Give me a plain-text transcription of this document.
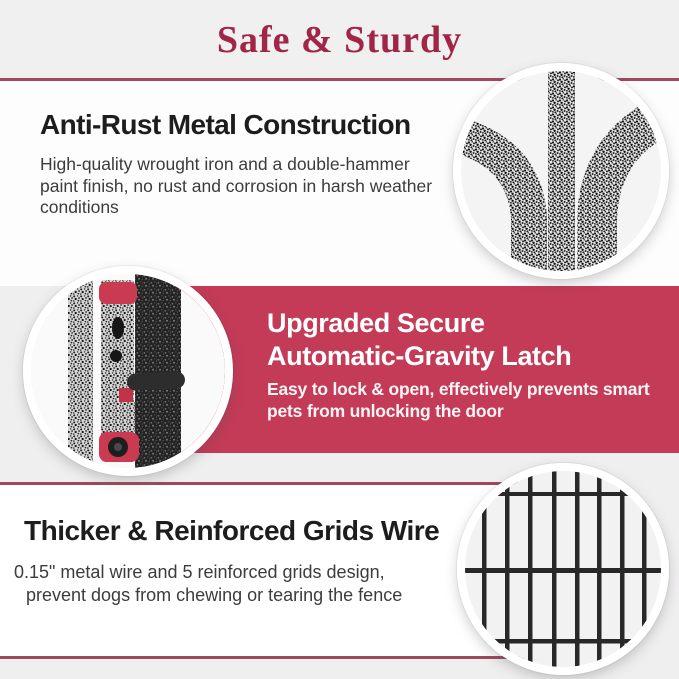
Safe & Sturdy
Anti-Rust Metal Construction
High-quality wrought iron and a double-hammer
paint finish, no rust and corrosion in harsh weather
conditions
Upgraded Secure
Automatic-Gravity Latch
Easy to lock & open, effectively prevents smart
pets from unlocking the door
Thicker & Reinforced Grids Wire
0.15" metal wire and 5 reinforced grids design,
prevent dogs from chewing or tearing the fence
